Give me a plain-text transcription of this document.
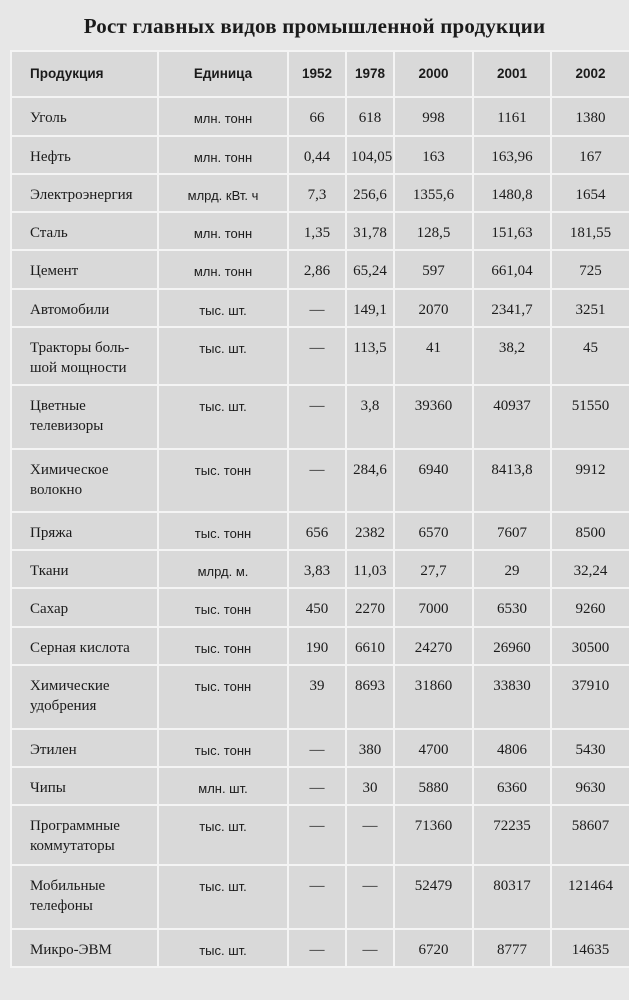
Рост главных видов промышленной продукции
Продукция	Единица	1952	1978	2000	2001	2002
Уголь	млн. тонн	66	618	998	1161	1380
Нефть	млн. тонн	0,44	104,05	163	163,96	167
Электроэнергия	млрд. кВт. ч	7,3	256,6	1355,6	1480,8	1654
Сталь	млн. тонн	1,35	31,78	128,5	151,63	181,55
Цемент	млн. тонн	2,86	65,24	597	661,04	725
Автомобили	тыс. шт.	—	149,1	2070	2341,7	3251
Тракторы боль-
шой мощности	тыс. шт.	—	113,5	41	38,2	45
Цветные
телевизоры	тыс. шт.	—	3,8	39360	40937	51550
Химическое
волокно	тыс. тонн	—	284,6	6940	8413,8	9912
Пряжа	тыс. тонн	656	2382	6570	7607	8500
Ткани	млрд. м.	3,83	11,03	27,7	29	32,24
Сахар	тыс. тонн	450	2270	7000	6530	9260
Серная кислота	тыс. тонн	190	6610	24270	26960	30500
Химические
удобрения	тыс. тонн	39	8693	31860	33830	37910
Этилен	тыс. тонн	—	380	4700	4806	5430
Чипы	млн. шт.	—	30	5880	6360	9630
Программные
коммутаторы	тыс. шт.	—	—	71360	72235	58607
Мобильные
телефоны	тыс. шт.	—	—	52479	80317	121464
Микро-ЭВМ	тыс. шт.	—	—	6720	8777	14635
